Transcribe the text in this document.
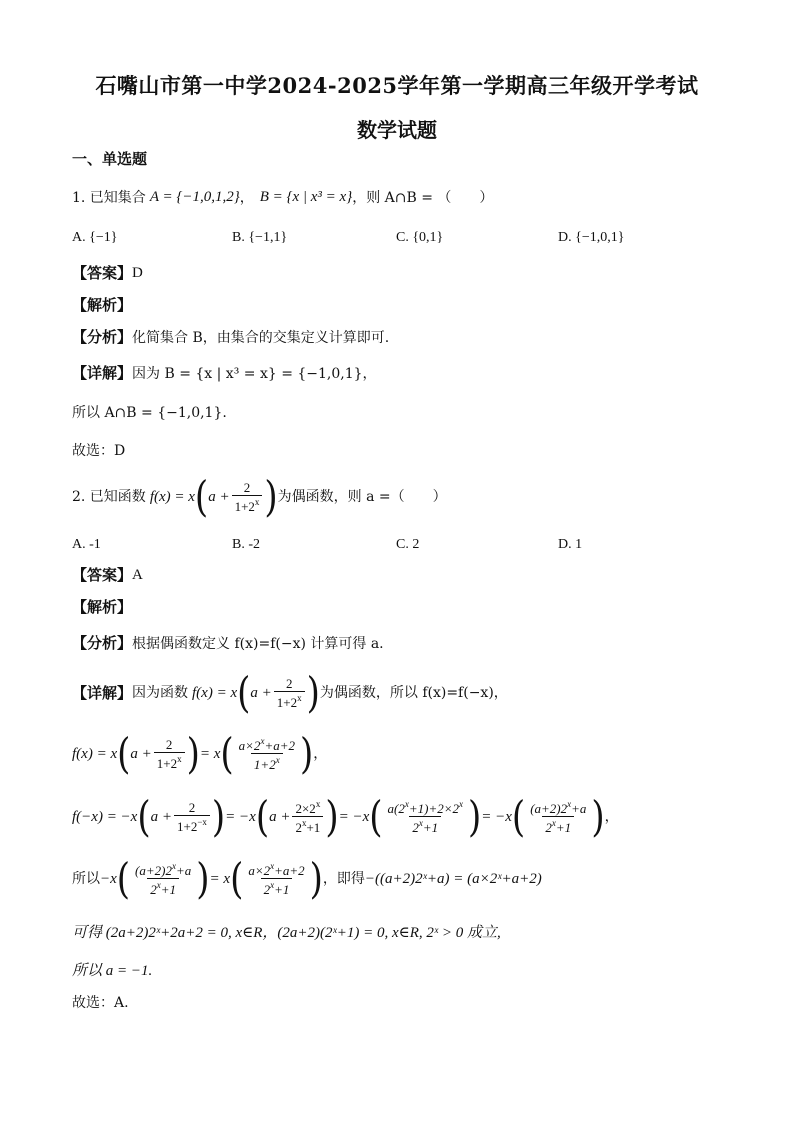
石嘴山市第一中学2024-2025学年第一学期高三年级开学考试
数学试题
一、单选题
1. 已知集合 A = {−1,0,1,2} ， B = {x | x³ = x} ，则 A∩B = （　　）
A. {−1}	B. {−1,1}	C. {0,1}	D. {−1,0,1}
【答案】 D
【解析】
【分析】 化简集合 B，由集合的交集定义计算即可.
【详解】 因为 B = {x | x³ = x} = {−1,0,1}，
所以 A∩B = {−1,0,1}.
故选：D
2. 已知函数 f(x) = x ( $a + \frac{2}{1+2^x}$ ) 为偶函数，则 a =（　　）
A. -1	B. -2	C. 2	D. 1
【答案】 A
【解析】
【分析】 根据偶函数定义 f(x)=f(−x) 计算可得 a.
【详解】 因为函数 f(x) = x ( $a + \frac{2}{1+2^x}$ ) 为偶函数，所以 f(x)=f(−x)，
f(x) = x ( $a + \frac{2}{1+2^x}$ ) = x ( $\frac{a\times 2^x+a+2}{1+2^x}$ ) ，
f(−x) = −x ( $a + \frac{2}{1+2^{-x}}$ ) = −x ( $a + \frac{2\times 2^x}{2^x+1}$ ) = −x ( $\frac{a(2^x+1)+2\times 2^x}{2^x+1}$ ) = −x ( $\frac{(a+2)2^x+a}{2^x+1}$ ) ，
所以 −x ( $\frac{(a+2)2^x+a}{2^x+1}$ ) = x ( $\frac{a\times 2^x+a+2}{2^x+1}$ ) ，即得 −((a+2)2ˣ+a) = (a×2ˣ+a+2)
可得 (2a+2)2ˣ+2a+2 = 0, x∈R，(2a+2)(2ˣ+1) = 0, x∈R, 2ˣ > 0 成立,
所以 a = −1.
故选：A.
